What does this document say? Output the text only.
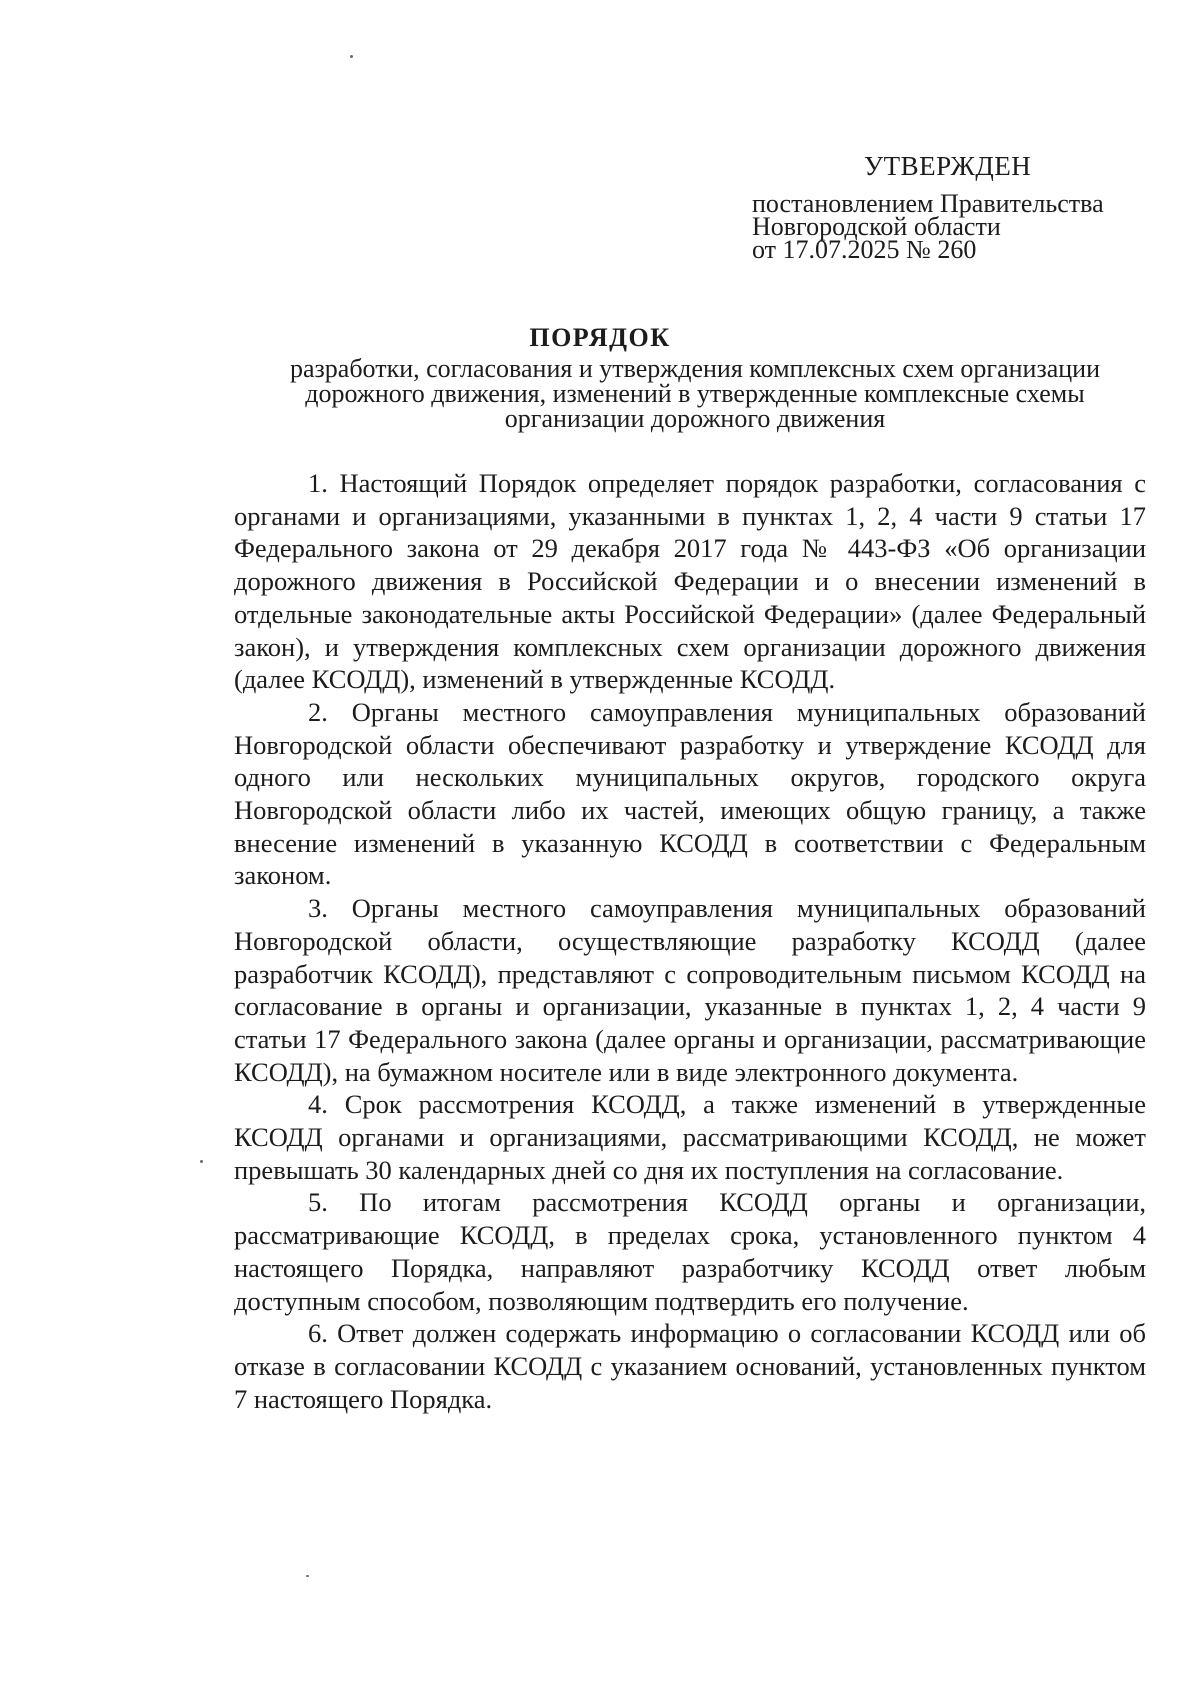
УТВЕРЖДЕН
постановлением Правительства
Новгородской области
от 17.07.2025 № 260
ПОРЯДОК
разработки, согласования и утверждения комплексных схем организации дорожного движения, изменений в утвержденные комплексные схемы организации дорожного движения

1. Настоящий Порядок определяет порядок разработки, согласования с органами и организациями, указанными в пунктах 1, 2, 4 части 9 статьи 17 Федерального закона от 29 декабря 2017 года № 443-ФЗ «Об организации дорожного движения в Российской Федерации и о внесении изменений в отдельные законодательные акты Российской Федерации» (далее Федеральный закон), и утверждения комплексных схем организации дорожного движения (далее КСОДД), изменений в утвержденные КСОДД.

2. Органы местного самоуправления муниципальных образований Новгородской области обеспечивают разработку и утверждение КСОДД для одного или нескольких муниципальных округов, городского округа Новгородской области либо их частей, имеющих общую границу, а также внесение изменений в указанную КСОДД в соответствии с Федеральным законом.

3. Органы местного самоуправления муниципальных образований Новгородской области, осуществляющие разработку КСОДД (далее разработчик КСОДД), представляют с сопроводительным письмом КСОДД на согласование в органы и организации, указанные в пунктах 1, 2, 4 части 9 статьи 17 Федерального закона (далее органы и организации, рассматривающие КСОДД), на бумажном носителе или в виде электронного документа.

4. Срок рассмотрения КСОДД, а также изменений в утвержденные КСОДД органами и организациями, рассматривающими КСОДД, не может превышать 30 календарных дней со дня их поступления на согласование.

5. По итогам рассмотрения КСОДД органы и организации, рассматривающие КСОДД, в пределах срока, установленного пунктом 4 настоящего Порядка, направляют разработчику КСОДД ответ любым доступным способом, позволяющим подтвердить его получение.

6. Ответ должен содержать информацию о согласовании КСОДД или об отказе в согласовании КСОДД с указанием оснований, установленных пунктом 7 настоящего Порядка.
